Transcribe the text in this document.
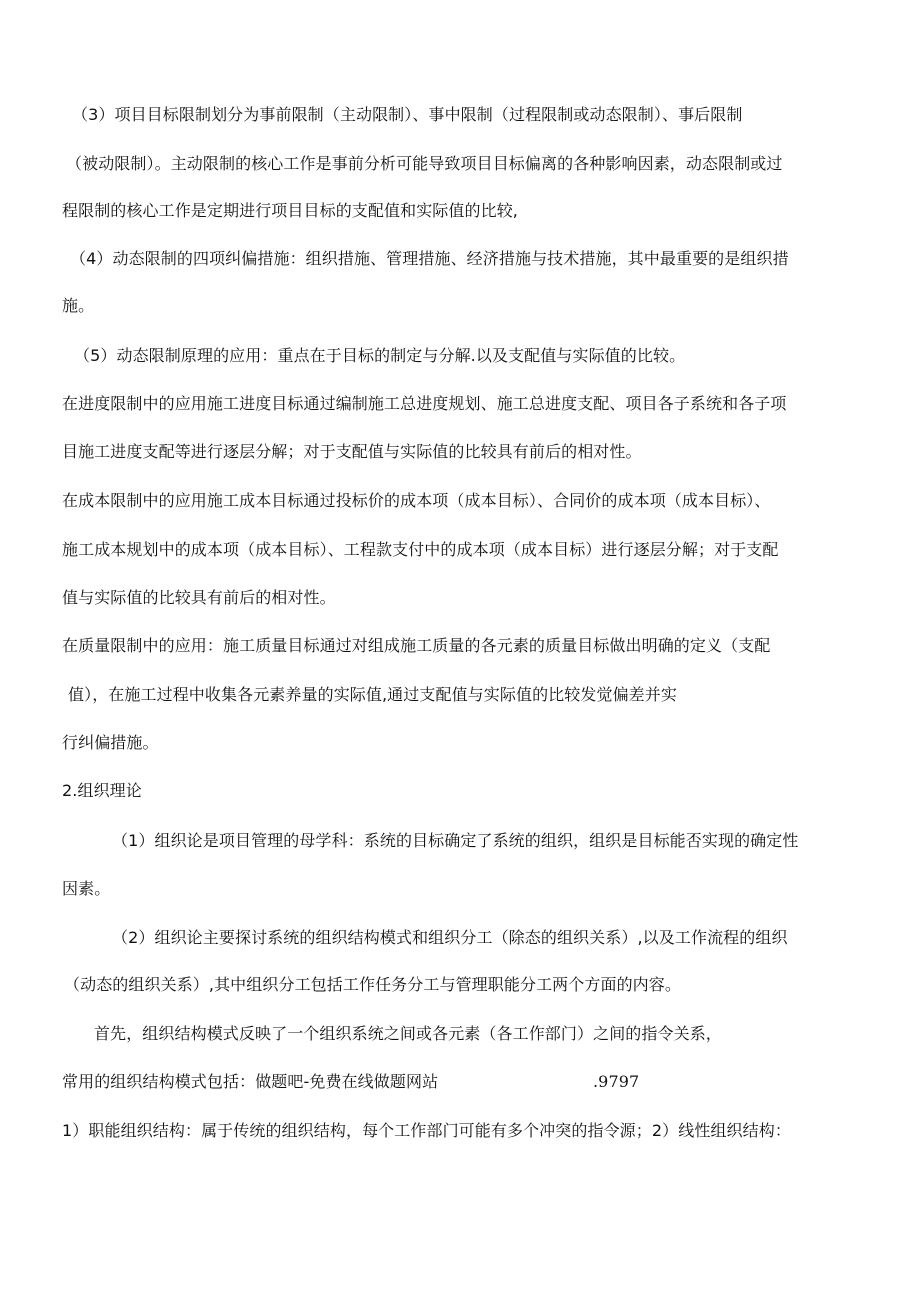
（3）项目目标限制划分为事前限制（主动限制）、事中限制（过程限制或动态限制）、事后限制
（被动限制）。主动限制的核心工作是事前分析可能导致项目目标偏离的各种影响因素，动态限制或过
程限制的核心工作是定期进行项目目标的支配值和实际值的比较,
（4）动态限制的四项纠偏措施：组织措施、管理措施、经济措施与技术措施，其中最重要的是组织措
施。
（5）动态限制原理的应用：重点在于目标的制定与分解.以及支配值与实际值的比较。
在进度限制中的应用施工进度目标通过编制施工总进度规划、施工总进度支配、项目各子系统和各子项
目施工进度支配等进行逐层分解；对于支配值与实际值的比较具有前后的相对性。
在成本限制中的应用施工成本目标通过投标价的成本项（成本目标）、合同价的成本项（成本目标）、
施工成本规划中的成本项（成本目标）、工程款支付中的成本项（成本目标）进行逐层分解；对于支配
值与实际值的比较具有前后的相对性。
在质量限制中的应用：施工质量目标通过对组成施工质量的各元素的质量目标做出明确的定义（支配
值），在施工过程中收集各元素养量的实际值,通过支配值与实际值的比较发觉偏差并实
行纠偏措施。
2.组织理论
（1）组织论是项目管理的母学科：系统的目标确定了系统的组织，组织是目标能否实现的确定性
因素。
（2）组织论主要探讨系统的组织结构模式和组织分工（除态的组织关系）,以及工作流程的组织
（动态的组织关系）,其中组织分工包括工作任务分工与管理职能分工两个方面的内容。
首先，组织结构模式反映了一个组织系统之间或各元素（各工作部门）之间的指令关系，
常用的组织结构模式包括：做题吧-免费在线做题网站	.9797
1）职能组织结构：属于传统的组织结构，每个工作部门可能有多个冲突的指令源；2）线性组织结构：
